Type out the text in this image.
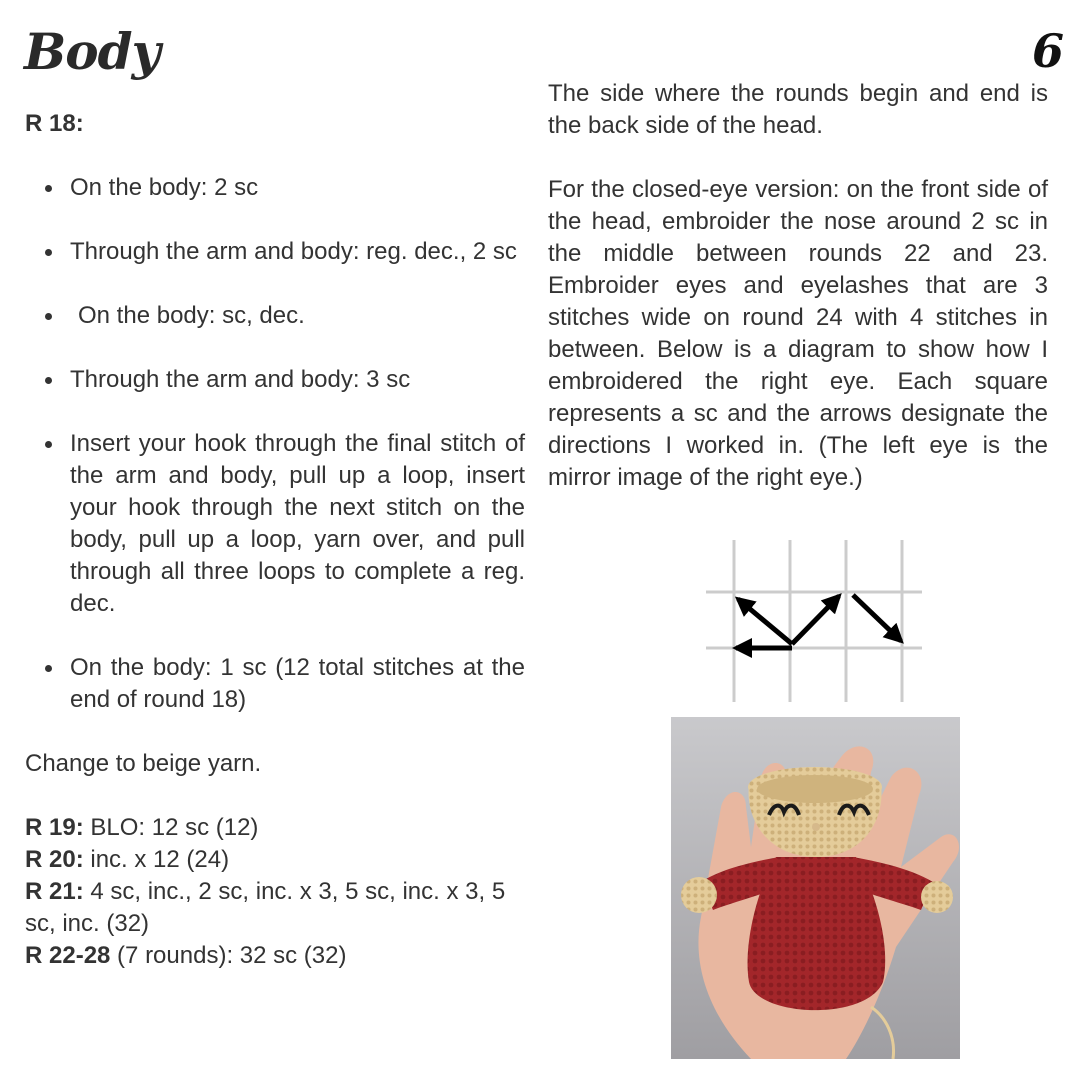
Body	6
R 18:
On the body: 2 sc
Through the arm and body: reg. dec., 2 sc
On the body: sc, dec.
Through the arm and body: 3 sc
Insert your hook through the final stitch of the arm and body, pull up a loop, insert your hook through the next stitch on the body, pull up a loop, yarn over, and pull through all three loops to complete a reg. dec.
On the body: 1 sc (12 total stitches at the end of round 18)

Change to beige yarn.

R 19: BLO: 12 sc (12)

R 20: inc. x 12 (24)

R 21: 4 sc, inc., 2 sc, inc. x 3, 5 sc, inc. x 3, 5 sc, inc. (32)

R 22-28 (7 rounds): 32 sc (32)

The side where the rounds begin and end is the back side of the head.

For the closed-eye version: on the front side of the head, embroider the nose around 2 sc in the middle between rounds 22 and 23. Embroider eyes and eyelashes that are 3 stitches wide on round 24 with 4 stitches in between. Below is a diagram to show how I embroidered the right eye. Each square represents a sc and the arrows designate the directions I worked in. (The left eye is the mirror image of the right eye.)
